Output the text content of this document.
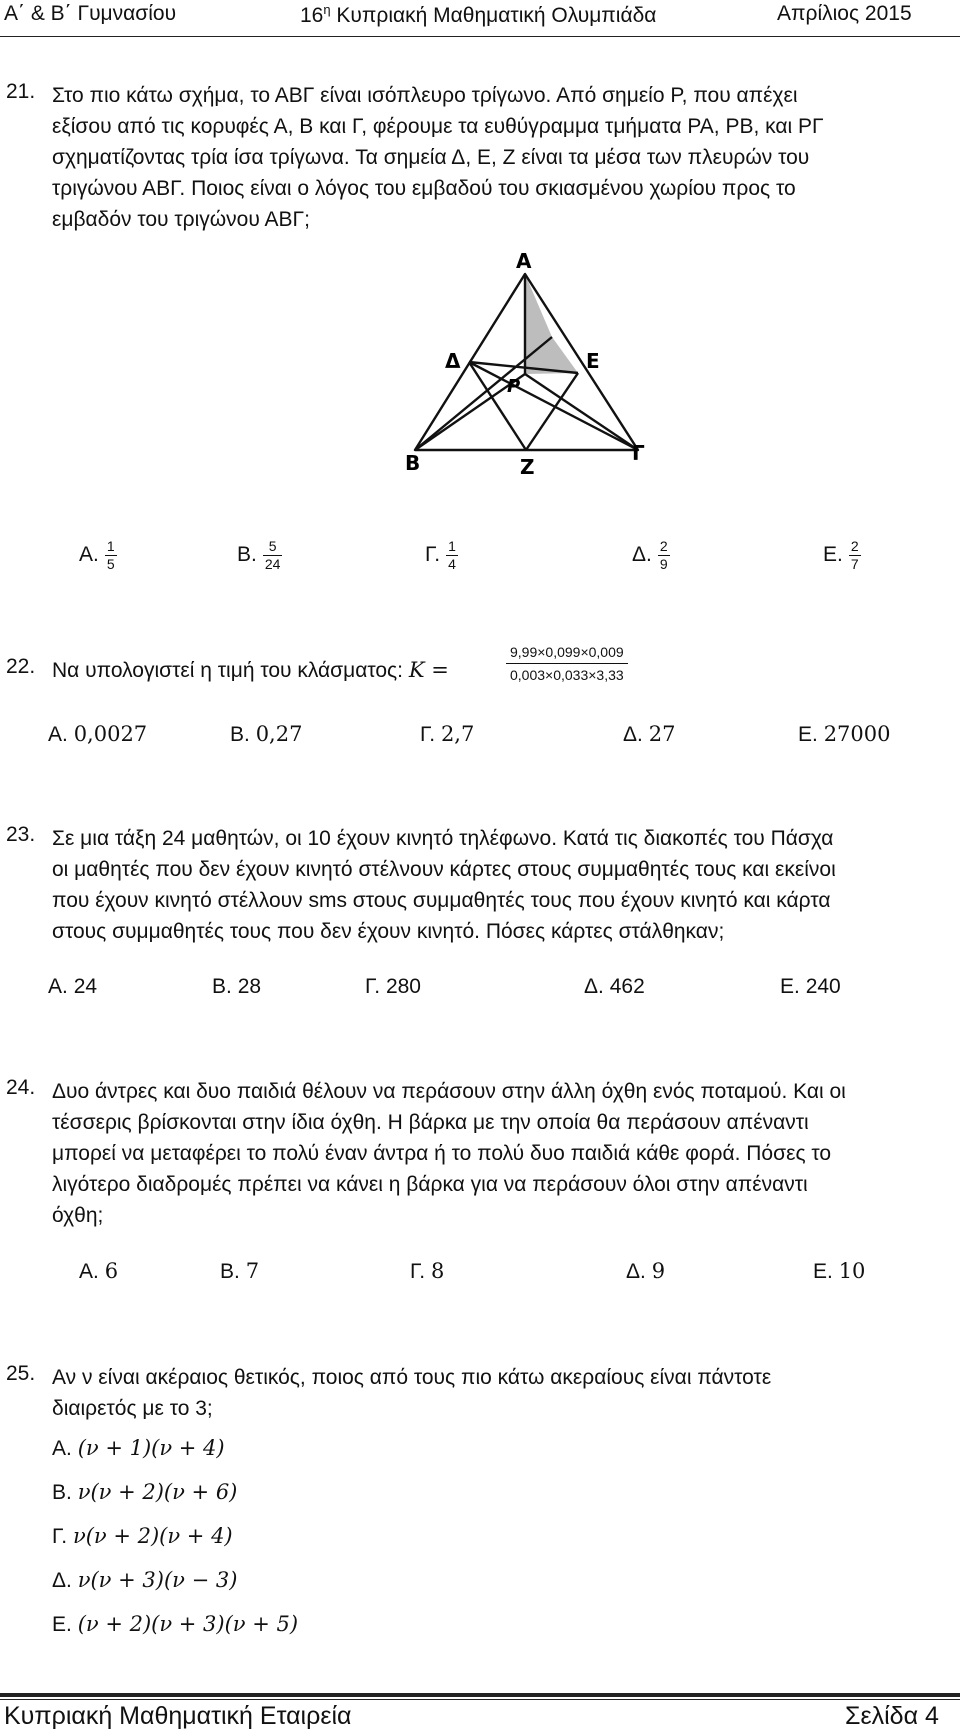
Α΄ & Β΄ Γυμνασίου	$16^\eta$ Κυπριακή Μαθηματική Ολυμπιάδα	Απρίλιος 2015
21. Στο πιο κάτω σχήμα, το ΑΒΓ είναι ισόπλευρο τρίγωνο. Από σημείο P, που απέχει

εξίσου από τις κορυφές Α, Β και Γ, φέρουμε τα ευθύγραμμα τμήματα PA, PB, και PΓ

σχηματίζοντας τρία ίσα τρίγωνα. Τα σημεία Δ, Ε, Ζ είναι τα μέσα των πλευρών του

τριγώνου ΑΒΓ. Ποιος είναι ο λόγος του εμβαδού του σκιασμένου χωρίου προς το

εμβαδόν του τριγώνου ΑΒΓ;

A
Δ	E
P
B	Γ
Z
Α. $\frac{1}{5}$	Β. $\frac{5}{24}$	Γ. $\frac{1}{4}$	Δ. $\frac{2}{9}$	Ε. $\frac{2}{7}$
22. Να υπολογιστεί η τιμή του κλάσματος: K =	$\frac{9,99\times 0,099\times 0,009}{0,003\times 0,033\times 3,33}$
Α. 0,0027	Β. 0,27	Γ. 2,7	Δ. 27	Ε. 27000
23. Σε μια τάξη 24 μαθητών, οι 10 έχουν κινητό τηλέφωνο. Κατά τις διακοπές του Πάσχα

οι μαθητές που δεν έχουν κινητό στέλνουν κάρτες στους συμμαθητές τους και εκείνοι

που έχουν κινητό στέλλουν sms στους συμμαθητές τους που έχουν κινητό και κάρτα

στους συμμαθητές τους που δεν έχουν κινητό. Πόσες κάρτες στάλθηκαν;

Α. 24	Β. 28	Γ. 280	Δ. 462	Ε. 240
24. Δυο άντρες και δυο παιδιά θέλουν να περάσουν στην άλλη όχθη ενός ποταμού. Και οι

τέσσερις βρίσκονται στην ίδια όχθη. Η βάρκα με την οποία θα περάσουν απέναντι

μπορεί να μεταφέρει το πολύ έναν άντρα ή το πολύ δυο παιδιά κάθε φορά. Πόσες το

λιγότερο διαδρομές πρέπει να κάνει η βάρκα για να περάσουν όλοι στην απέναντι

όχθη;

Α. 6	Β. 7	Γ. 8	Δ. 9	Ε. 10
25. Αν ν είναι ακέραιος θετικός, ποιος από τους πιο κάτω ακεραίους είναι πάντοτε

διαιρετός με το 3;

Α. (ν + 1)(ν + 4)
Β. ν(ν + 2)(ν + 6)
Γ. ν(ν + 2)(ν + 4)
Δ. ν(ν + 3)(ν − 3)
Ε. (ν + 2)(ν + 3)(ν + 5)
Κυπριακή Μαθηματική Εταιρεία	Σελίδα 4
